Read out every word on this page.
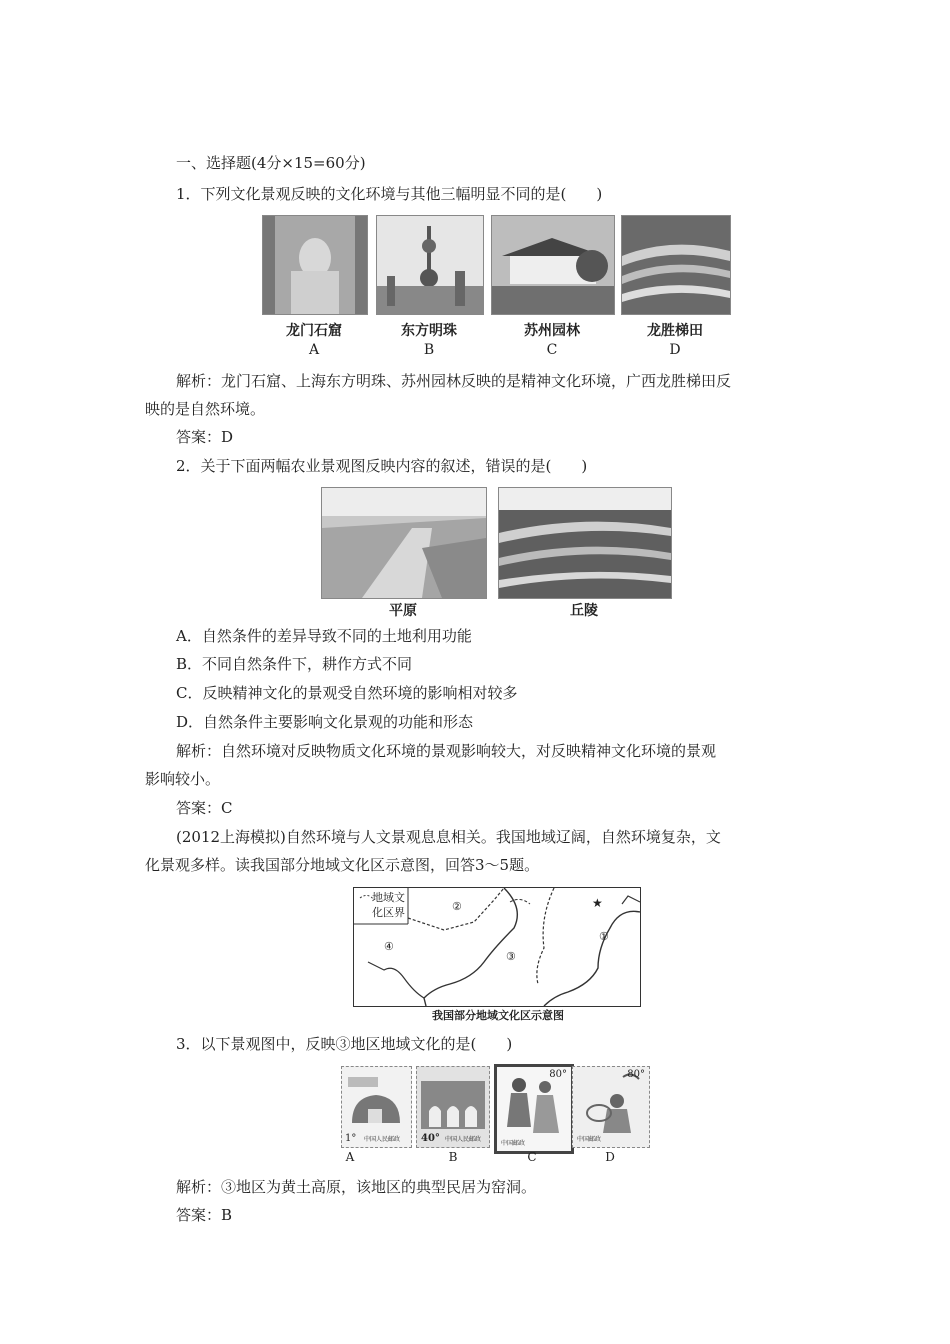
一、选择题(4分×15=60分)
1．下列文化景观反映的文化环境与其他三幅明显不同的是(　　)
龙门石窟	东方明珠	苏州园林	龙胜梯田
A	B	C	D
解析：龙门石窟、上海东方明珠、苏州园林反映的是精神文化环境，广西龙胜梯田反
映的是自然环境。
答案：D
2．关于下面两幅农业景观图反映内容的叙述，错误的是(　　)
平原	丘陵
A．自然条件的差异导致不同的土地利用功能
B．不同自然条件下，耕作方式不同
C．反映精神文化的景观受自然环境的影响相对较多
D．自然条件主要影响文化景观的功能和形态
解析：自然环境对反映物质文化环境的景观影响较大，对反映精神文化环境的景观
影响较小。
答案：C
(2012上海模拟)自然环境与人文景观息息相关。我国地域辽阔，自然环境复杂，文
化景观多样。读我国部分地域文化区示意图，回答3～5题。
地域文
化区界
①
②
③
④
★
我国部分地域文化区示意图
3．以下景观图中，反映③地区地域文化的是(　　)
1° 中国人民邮政 40° 中国人民邮政
80°
中国邮政
80°
中国邮政
A	B	C	D
解析：③地区为黄土高原，该地区的典型民居为窑洞。
答案：B
